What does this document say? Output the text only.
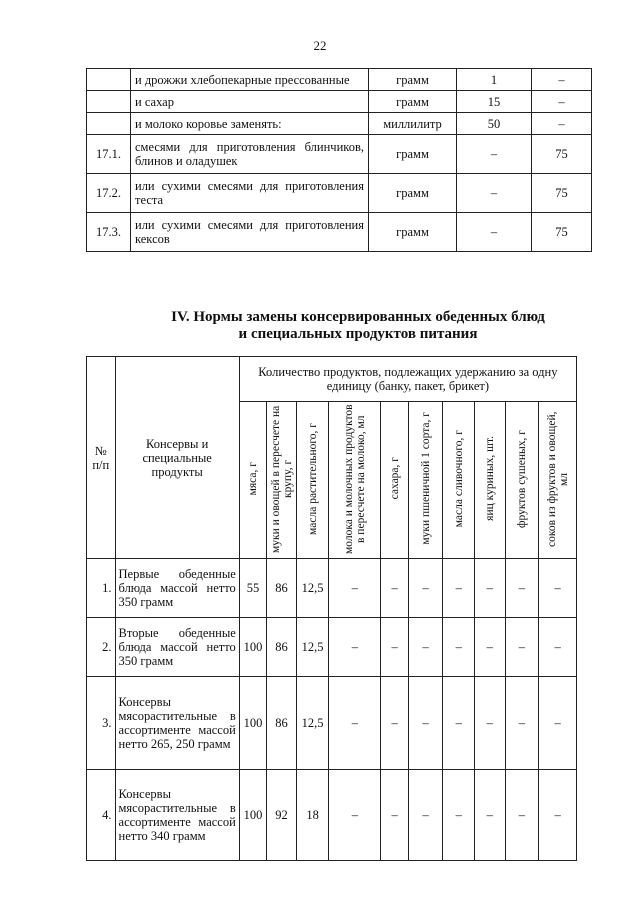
22
	и дрожжи хлебопекарные прессованные	грамм	1	–
	и сахар	грамм	15	–
	и молоко коровье заменять:	миллилитр	50	–
17.1.	смесями для приготовления блинчиков, блинов и оладушек	грамм	–	75
17.2.	или сухими смесями для приготовления теста	грамм	–	75
17.3.	или сухими смесями для приготовления кексов	грамм	–	75
IV. Нормы замены консервированных обеденных блюд
и специальных продуктов питания
№ п/п	Консервы и специальные продукты	Количество продуктов, подлежащих удержанию за одну единицу (банку, пакет, брикет)									
		мяса, г	муки и овощей в пересчете на крупу, г	масла растительного, г	молока и молочных продуктов в пересчете на молоко, мл	сахара, г	муки пшеничной 1 сорта, г	масла сливочного, г	яиц куриных, шт.	фруктов сушеных, г	соков из фруктов и овощей, мл
1.	Первые обеденные блюда массой нетто 350 грамм	55	86	12,5	–	–	–	–	–	–	–
2.	Вторые обеденные блюда массой нетто 350 грамм	100	86	12,5	–	–	–	–	–	–	–
3.	Консервы мясорастительные в ассортименте массой нетто 265, 250 грамм	100	86	12,5	–	–	–	–	–	–	–
4.	Консервы мясорастительные в ассортименте массой нетто 340 грамм	100	92	18	–	–	–	–	–	–	–
